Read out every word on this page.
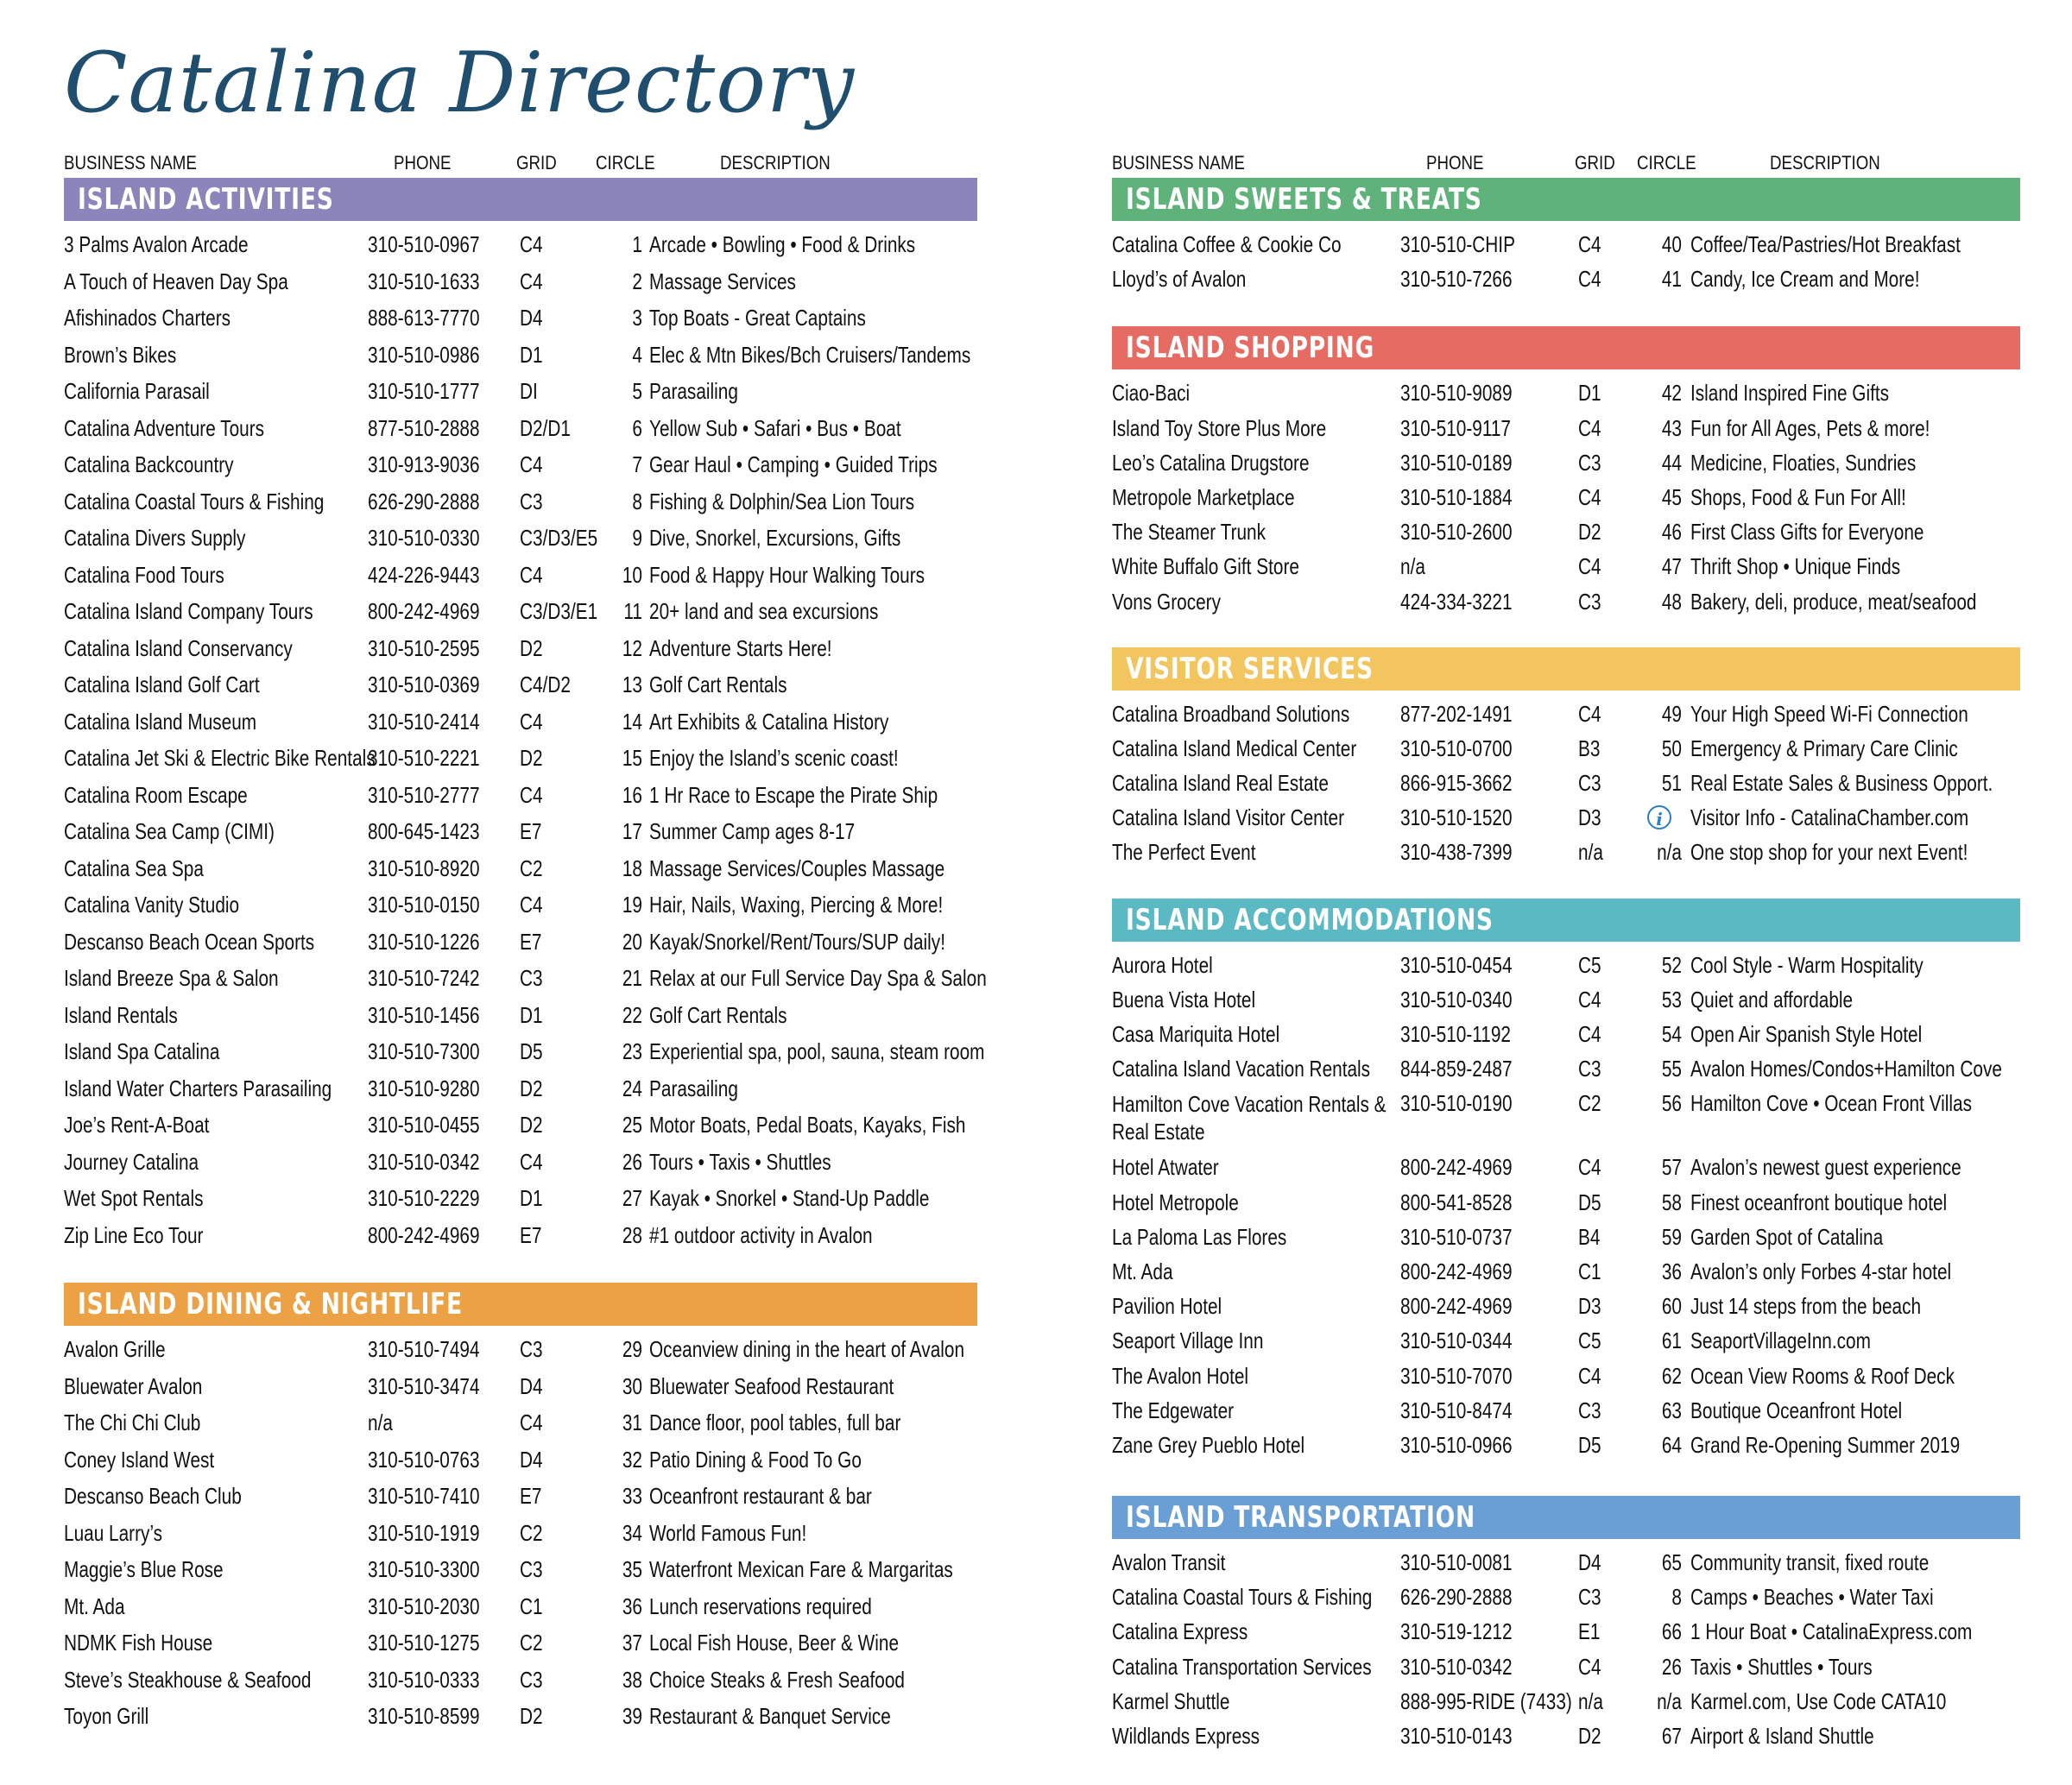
Catalina Directory
BUSINESS NAME	PHONE	GRID CIRCLE	DESCRIPTION
ISLAND ACTIVITIES
3 Palms Avalon Arcade	310-510-0967 C4	1 Arcade • Bowling • Food & Drinks
A Touch of Heaven Day Spa	310-510-1633 C4	2 Massage Services
Afishinados Charters	888-613-7770 D4	3 Top Boats - Great Captains
Brown’s Bikes	310-510-0986 D1	4 Elec & Mtn Bikes/Bch Cruisers/Tandems
California Parasail	310-510-1777 DI	5 Parasailing
Catalina Adventure Tours	877-510-2888 D2/D1	6 Yellow Sub • Safari • Bus • Boat
Catalina Backcountry	310-913-9036 C4	7 Gear Haul • Camping • Guided Trips
Catalina Coastal Tours & Fishing 626-290-2888 C3	8 Fishing & Dolphin/Sea Lion Tours
Catalina Divers Supply	310-510-0330 C3/D3/E5	9 Dive, Snorkel, Excursions, Gifts
Catalina Food Tours	424-226-9443 C4	10 Food & Happy Hour Walking Tours
Catalina Island Company Tours 800-242-4969 C3/D3/E1	11 20+ land and sea excursions
Catalina Island Conservancy	310-510-2595 D2	12 Adventure Starts Here!
Catalina Island Golf Cart	310-510-0369 C4/D2	13 Golf Cart Rentals
Catalina Island Museum	310-510-2414 C4	14 Art Exhibits & Catalina History
Catalina Jet Ski & Electric Bike Rentals
310-510-2221 D2	15 Enjoy the Island’s scenic coast!
Catalina Room Escape	310-510-2777 C4	16 1 Hr Race to Escape the Pirate Ship
Catalina Sea Camp (CIMI)	800-645-1423 E7	17 Summer Camp ages 8-17
Catalina Sea Spa	310-510-8920 C2	18 Massage Services/Couples Massage
Catalina Vanity Studio	310-510-0150 C4	19 Hair, Nails, Waxing, Piercing & More!
Descanso Beach Ocean Sports 310-510-1226 E7	20 Kayak/Snorkel/Rent/Tours/SUP daily!
Island Breeze Spa & Salon	310-510-7242 C3	21 Relax at our Full Service Day Spa & Salon
Island Rentals	310-510-1456 D1	22 Golf Cart Rentals
Island Spa Catalina	310-510-7300 D5	23 Experiential spa, pool, sauna, steam room
Island Water Charters Parasailing 310-510-9280 D2	24 Parasailing
Joe’s Rent-A-Boat	310-510-0455 D2	25 Motor Boats, Pedal Boats, Kayaks, Fish
Journey Catalina	310-510-0342 C4	26 Tours • Taxis • Shuttles
Wet Spot Rentals	310-510-2229 D1	27 Kayak • Snorkel • Stand-Up Paddle
Zip Line Eco Tour	800-242-4969 E7	28 #1 outdoor activity in Avalon
ISLAND DINING & NIGHTLIFE
Avalon Grille	310-510-7494 C3	29 Oceanview dining in the heart of Avalon
Bluewater Avalon	310-510-3474 D4	30 Bluewater Seafood Restaurant
The Chi Chi Club	n/a	C4	31 Dance floor, pool tables, full bar
Coney Island West	310-510-0763 D4	32 Patio Dining & Food To Go
Descanso Beach Club	310-510-7410 E7	33 Oceanfront restaurant & bar
Luau Larry’s	310-510-1919 C2	34 World Famous Fun!
Maggie’s Blue Rose	310-510-3300 C3	35 Waterfront Mexican Fare & Margaritas
Mt. Ada	310-510-2030 C1	36 Lunch reservations required
NDMK Fish House	310-510-1275 C2	37 Local Fish House, Beer & Wine
Steve’s Steakhouse & Seafood	310-510-0333 C3	38 Choice Steaks & Fresh Seafood
Toyon Grill	310-510-8599 D2	39 Restaurant & Banquet Service
BUSINESS NAME	PHONE	GRID CIRCLE	DESCRIPTION
ISLAND SWEETS & TREATS
Catalina Coffee & Cookie Co	310-510-CHIP	C4	40 Coffee/Tea/Pastries/Hot Breakfast
Lloyd’s of Avalon	310-510-7266	C4	41 Candy, Ice Cream and More!
ISLAND SHOPPING
Ciao-Baci	310-510-9089	D1	42 Island Inspired Fine Gifts
Island Toy Store Plus More	310-510-9117	C4	43 Fun for All Ages, Pets & more!
Leo’s Catalina Drugstore	310-510-0189	C3	44 Medicine, Floaties, Sundries
Metropole Marketplace	310-510-1884	C4	45 Shops, Food & Fun For All!
The Steamer Trunk	310-510-2600	D2	46 First Class Gifts for Everyone
White Buffalo Gift Store	n/a	C4	47 Thrift Shop • Unique Finds
Vons Grocery	424-334-3221	C3	48 Bakery, deli, produce, meat/seafood
VISITOR SERVICES
Catalina Broadband Solutions 877-202-1491	C4	49 Your High Speed Wi-Fi Connection
Catalina Island Medical Center 310-510-0700	B3	50 Emergency & Primary Care Clinic
Catalina Island Real Estate	866-915-3662	C3	51 Real Estate Sales & Business Opport.
Catalina Island Visitor Center	310-510-1520	D3	i	Visitor Info - CatalinaChamber.com
The Perfect Event	310-438-7399	n/a	n/a One stop shop for your next Event!
ISLAND ACCOMMODATIONS
Aurora Hotel	310-510-0454	C5	52 Cool Style - Warm Hospitality
Buena Vista Hotel	310-510-0340	C4	53 Quiet and affordable
Casa Mariquita Hotel	310-510-1192	C4	54 Open Air Spanish Style Hotel
Catalina Island Vacation Rentals 844-859-2487	C3	55 Avalon Homes/Condos+Hamilton Cove
Hamilton Cove Vacation Rentals & Real Estate
310-510-0190	C2	56 Hamilton Cove • Ocean Front Villas
Hotel Atwater	800-242-4969	C4	57 Avalon’s newest guest experience
Hotel Metropole	800-541-8528	D5	58 Finest oceanfront boutique hotel
La Paloma Las Flores	310-510-0737	B4	59 Garden Spot of Catalina
Mt. Ada	800-242-4969	C1	36 Avalon’s only Forbes 4-star hotel
Pavilion Hotel	800-242-4969	D3	60 Just 14 steps from the beach
Seaport Village Inn	310-510-0344	C5	61 SeaportVillageInn.com
The Avalon Hotel	310-510-7070	C4	62 Ocean View Rooms & Roof Deck
The Edgewater	310-510-8474	C3	63 Boutique Oceanfront Hotel
Zane Grey Pueblo Hotel	310-510-0966	D5	64 Grand Re-Opening Summer 2019
ISLAND TRANSPORTATION
Avalon Transit	310-510-0081	D4	65 Community transit, fixed route
Catalina Coastal Tours & Fishing 626-290-2888	C3	8 Camps • Beaches • Water Taxi
Catalina Express	310-519-1212	E1	66 1 Hour Boat • CatalinaExpress.com
Catalina Transportation Services 310-510-0342	C4	26 Taxis • Shuttles • Tours
Karmel Shuttle	888-995-RIDE (7433) n/a	n/a Karmel.com, Use Code CATA10
Wildlands Express	310-510-0143	D2	67 Airport & Island Shuttle
